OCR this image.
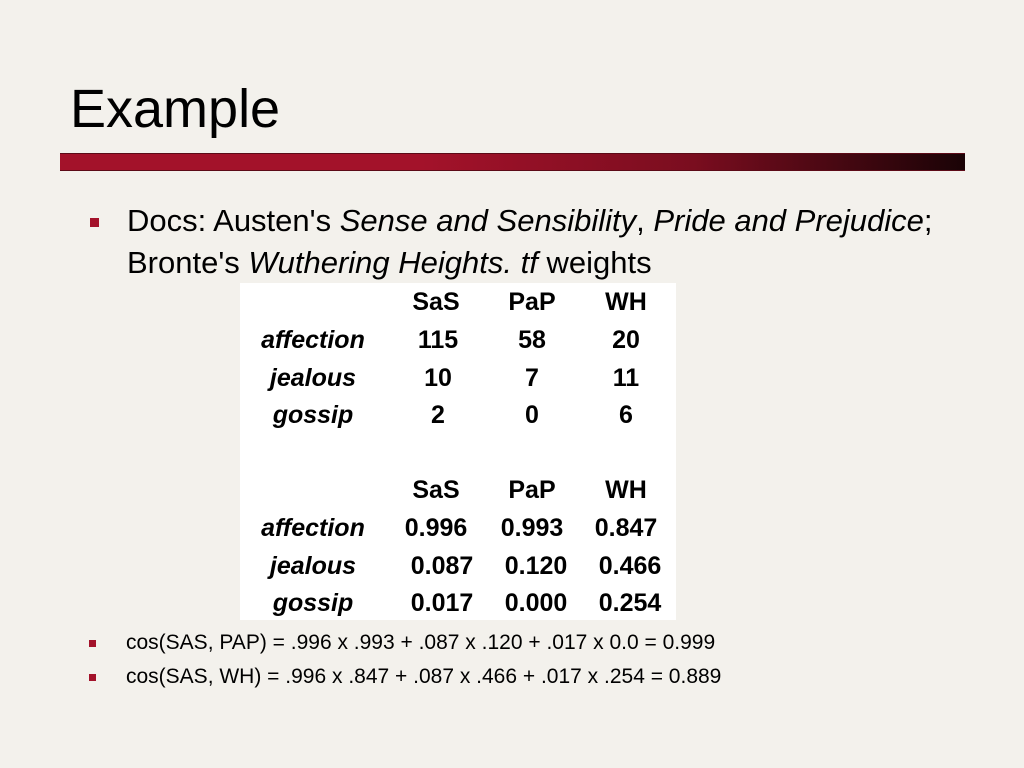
Example
Docs: Austen's Sense and Sensibility, Pride and Prejudice; Bronte's Wuthering Heights. tf weights
SaS	PaP	WH
affection	115	58	20
jealous	10	7	11
gossip	2	0	6
SaS	PaP	WH
affection	0.996	0.993	0.847
jealous	0.087	0.120	0.466
gossip	0.017	0.000	0.254
cos(SAS, PAP) = .996 x .993 + .087 x .120 + .017 x 0.0 = 0.999
cos(SAS, WH) = .996 x .847 + .087 x .466 + .017 x .254 = 0.889
